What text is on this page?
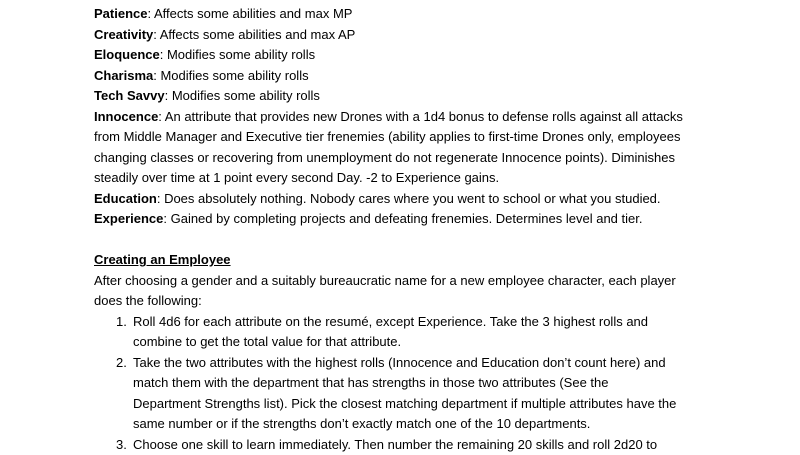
Patience: Affects some abilities and max MP
Creativity: Affects some abilities and max AP
Eloquence: Modifies some ability rolls
Charisma: Modifies some ability rolls
Tech Savvy: Modifies some ability rolls
Innocence: An attribute that provides new Drones with a 1d4 bonus to defense rolls against all attacks
from Middle Manager and Executive tier frenemies (ability applies to first-time Drones only, employees
changing classes or recovering from unemployment do not regenerate Innocence points). Diminishes
steadily over time at 1 point every second Day. -2 to Experience gains.
Education: Does absolutely nothing. Nobody cares where you went to school or what you studied.
Experience: Gained by completing projects and defeating frenemies. Determines level and tier.
Creating an Employee
After choosing a gender and a suitably bureaucratic name for a new employee character, each player
does the following:
1. Roll 4d6 for each attribute on the resumé, except Experience. Take the 3 highest rolls and
combine to get the total value for that attribute.
2. Take the two attributes with the highest rolls (Innocence and Education don’t count here) and
match them with the department that has strengths in those two attributes (See the
Department Strengths list). Pick the closest matching department if multiple attributes have the
same number or if the strengths don’t exactly match one of the 10 departments.
3. Choose one skill to learn immediately. Then number the remaining 20 skills and roll 2d20 to
